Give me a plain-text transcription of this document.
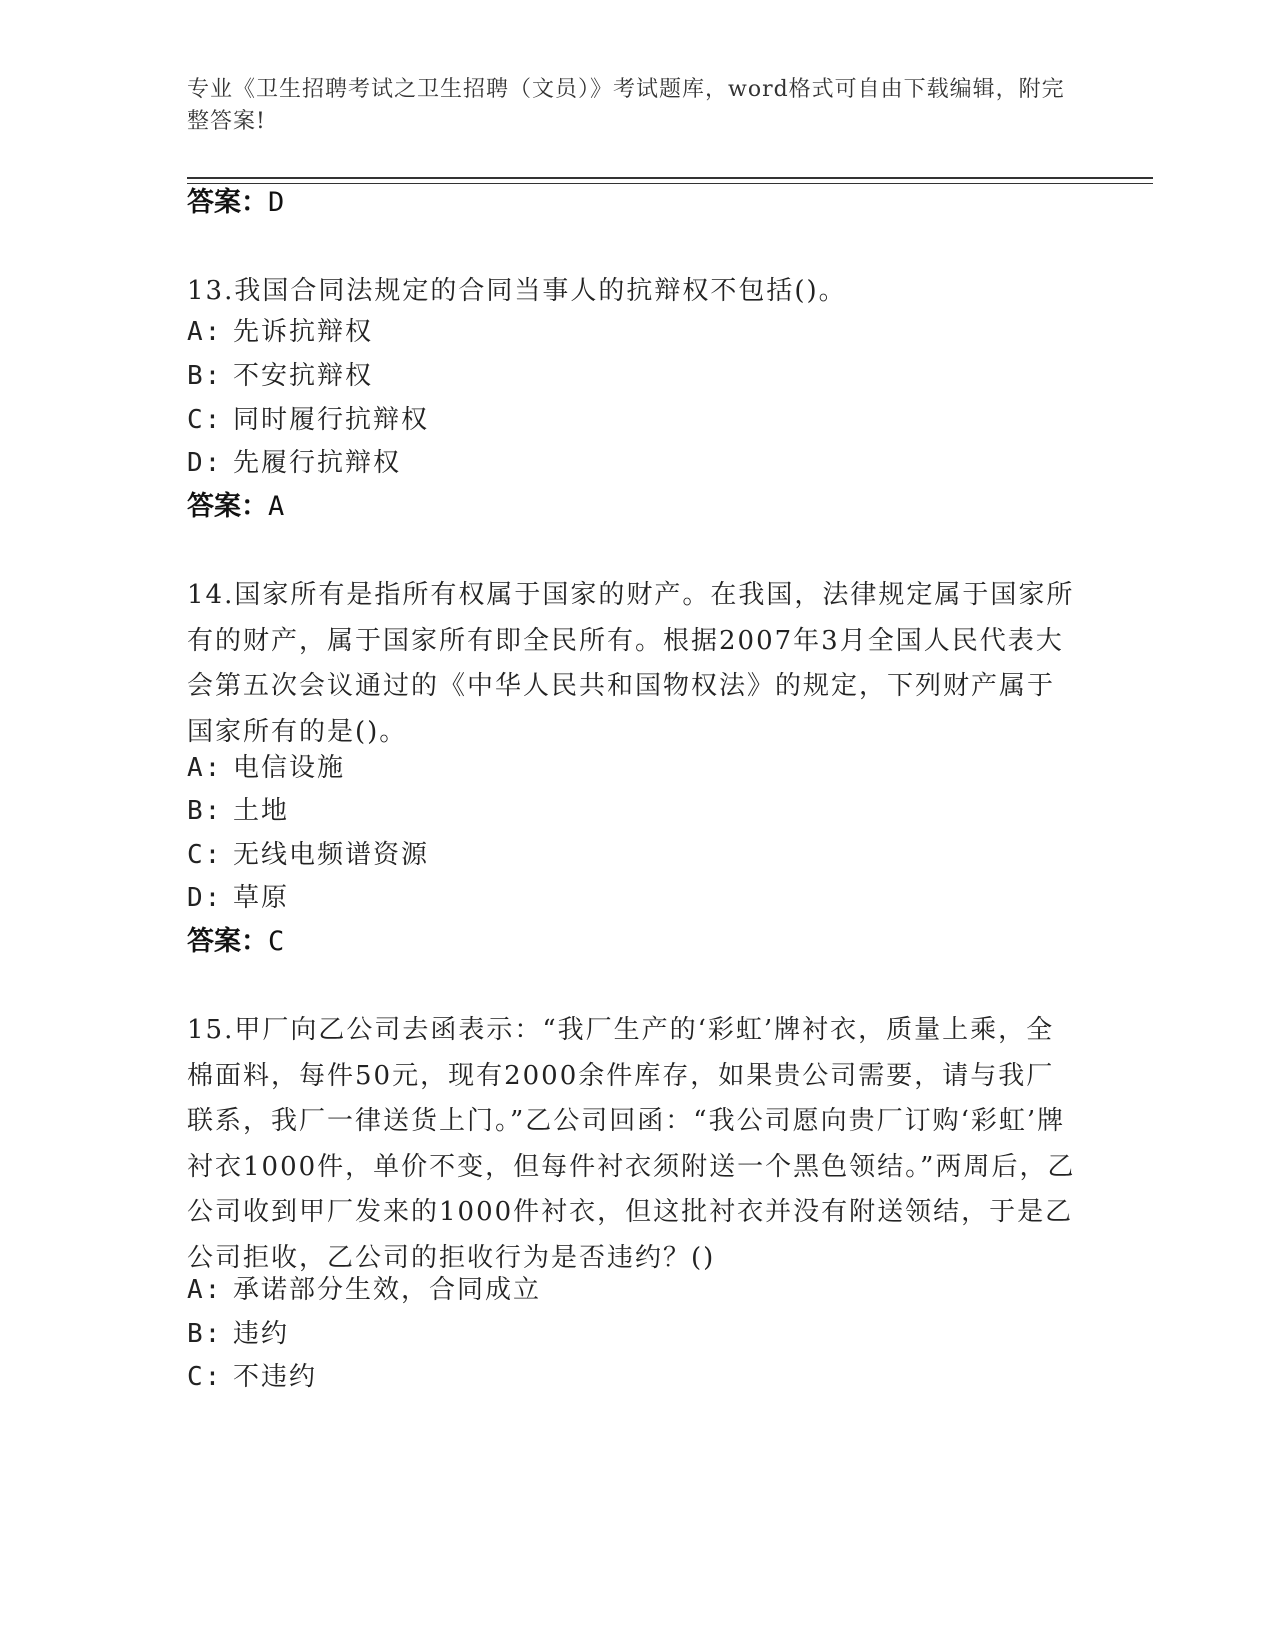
专业《卫生招聘考试之卫生招聘（文员）》考试题库，word格式可自由下载编辑，附完整答案!
答案：D
13.我国合同法规定的合同当事人的抗辩权不包括()。
A: 先诉抗辩权
B: 不安抗辩权
C: 同时履行抗辩权
D: 先履行抗辩权
答案：A
14.国家所有是指所有权属于国家的财产。在我国，法律规定属于国家所有的财产，属于国家所有即全民所有。根据2007年3月全国人民代表大会第五次会议通过的《中华人民共和国物权法》的规定，下列财产属于国家所有的是()。
A: 电信设施
B: 土地
C: 无线电频谱资源
D: 草原
答案：C
15.甲厂向乙公司去函表示：“我厂生产的‘彩虹’牌衬衣，质量上乘，全棉面料，每件50元，现有2000余件库存，如果贵公司需要，请与我厂联系，我厂一律送货上门。”乙公司回函：“我公司愿向贵厂订购‘彩虹’牌衬衣1000件，单价不变，但每件衬衣须附送一个黑色领结。”两周后，乙公司收到甲厂发来的1000件衬衣，但这批衬衣并没有附送领结，于是乙公司拒收，乙公司的拒收行为是否违约？()
A: 承诺部分生效，合同成立
B: 违约
C: 不违约
